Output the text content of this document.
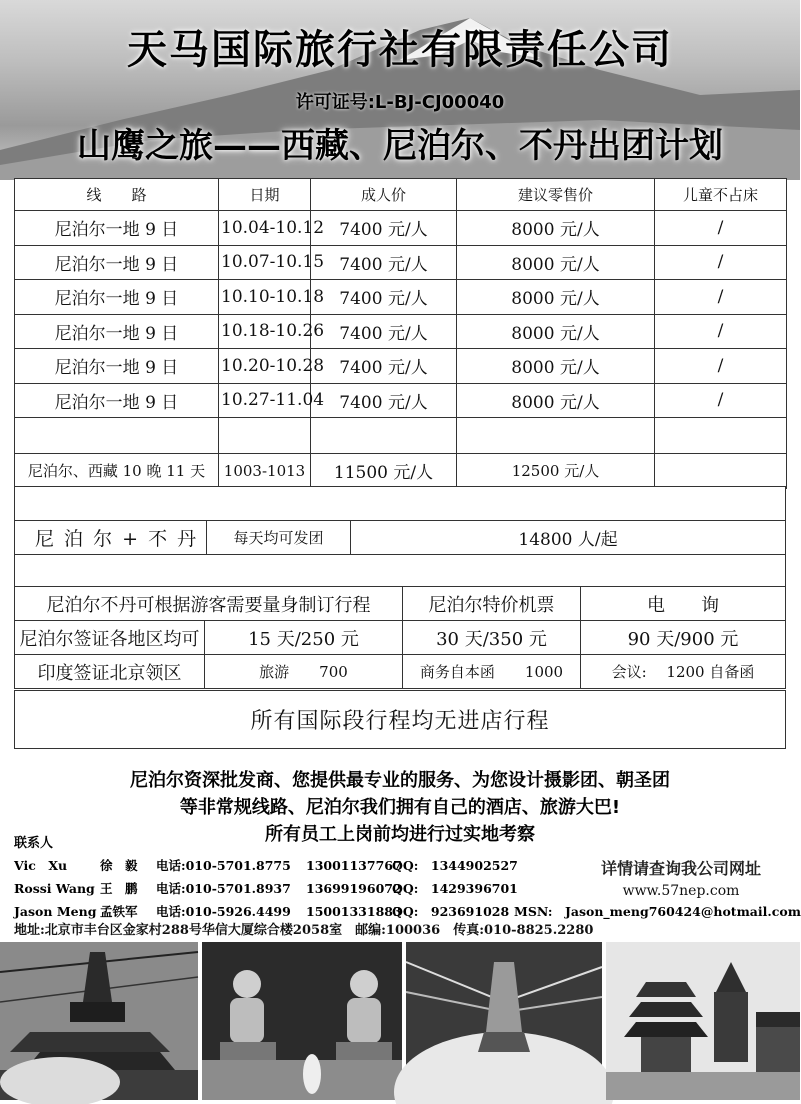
天马国际旅行社有限责任公司
许可证号:L-BJ-CJ00040
山鹰之旅——西藏、尼泊尔、不丹出团计划
线　　路	日期	成人价	建议零售价	儿童不占床
尼泊尔一地 9 日	10.04-10.12	7400 元/人	8000 元/人	/
尼泊尔一地 9 日	10.07-10.15	7400 元/人	8000 元/人	/
尼泊尔一地 9 日	10.10-10.18	7400 元/人	8000 元/人	/
尼泊尔一地 9 日	10.18-10.26	7400 元/人	8000 元/人	/
尼泊尔一地 9 日	10.20-10.28	7400 元/人	8000 元/人	/
尼泊尔一地 9 日	10.27-11.04	7400 元/人	8000 元/人	/

尼泊尔、西藏 10 晚 11 天	1003-1013	11500 元/人	12500 元/人	

尼 泊 尔 + 不 丹	每天均可发团	14800 人/起

尼泊尔不丹可根据游客需要量身制订行程		尼泊尔特价机票	电　　询
尼泊尔签证各地区均可	15 天/250 元	30 天/350 元	90 天/900 元
印度签证北京领区	旅游　　700	商务自本函　　1000	会议:　 1200 自备函
所有国际段行程均无进店行程
尼泊尔资深批发商、您提供最专业的服务、为您设计摄影团、朝圣团
等非常规线路、尼泊尔我们拥有自己的酒店、旅游大巴!
所有员工上岗前均进行过实地考察
联系人
Vic　Xu	徐　毅 电话:010-5701.8775 13001137767
QQ:　1344902527
Rossi Wang 王　鹏 电话:010-5701.8937 13699196072
QQ:　1429396701
Jason Meng 孟铁军 电话:010-5926.4499 15001331883
QQ:　923691028 MSN:　Jason_meng760424@hotmail.com
详情请查询我公司网址
www.57nep.com
地址:北京市丰台区金家村288号华信大厦综合楼2058室　邮编:100036　传真:010-8825.2280
